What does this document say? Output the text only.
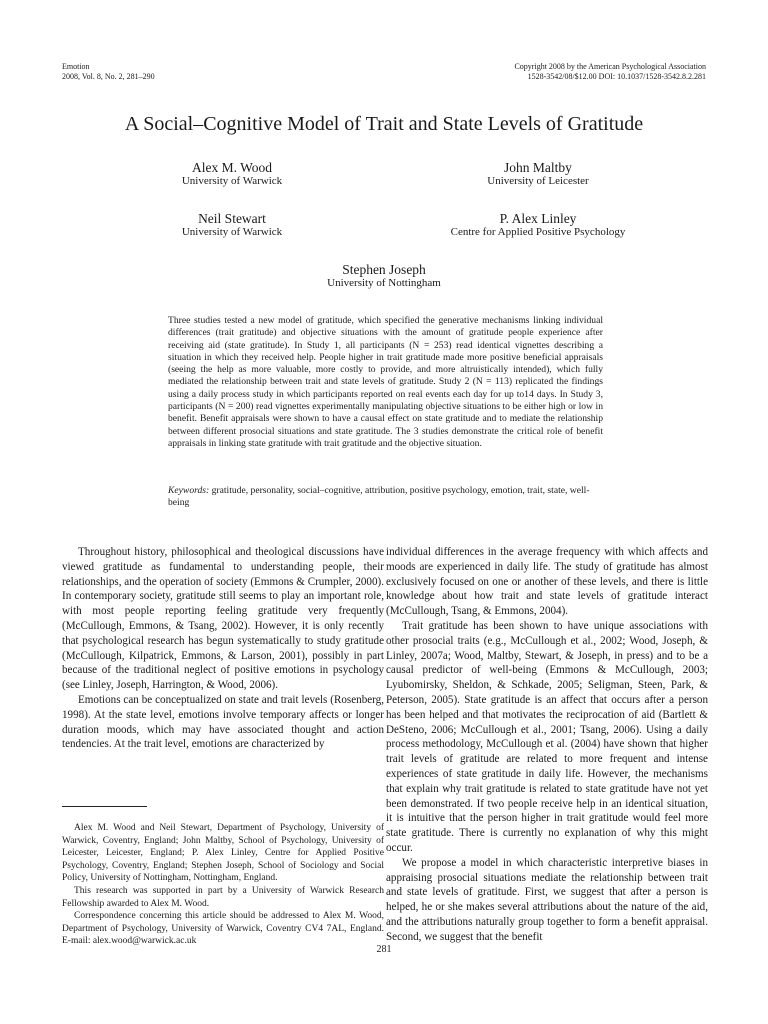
Emotion
2008, Vol. 8, No. 2, 281–290
Copyright 2008 by the American Psychological Association
1528-3542/08/$12.00 DOI: 10.1037/1528-3542.8.2.281
A Social–Cognitive Model of Trait and State Levels of Gratitude
Alex M. Wood
University of Warwick
John Maltby
University of Leicester
Neil Stewart
University of Warwick
P. Alex Linley
Centre for Applied Positive Psychology
Stephen Joseph
University of Nottingham
Three studies tested a new model of gratitude, which specified the generative mechanisms linking individual differences (trait gratitude) and objective situations with the amount of gratitude people experience after receiving aid (state gratitude). In Study 1, all participants (N = 253) read identical vignettes describing a situation in which they received help. People higher in trait gratitude made more positive beneficial appraisals (seeing the help as more valuable, more costly to provide, and more altruistically intended), which fully mediated the relationship between trait and state levels of gratitude. Study 2 (N = 113) replicated the findings using a daily process study in which participants reported on real events each day for up to14 days. In Study 3, participants (N = 200) read vignettes experimentally manipulating objective situations to be either high or low in benefit. Benefit appraisals were shown to have a causal effect on state gratitude and to mediate the relationship between different prosocial situations and state gratitude. The 3 studies demonstrate the critical role of benefit appraisals in linking state gratitude with trait gratitude and the objective situation.
Keywords: gratitude, personality, social–cognitive, attribution, positive psychology, emotion, trait, state, well-being

Throughout history, philosophical and theological discussions have viewed gratitude as fundamental to understanding people, their relationships, and the operation of society (Emmons & Crumpler, 2000). In contemporary society, gratitude still seems to play an important role, with most people reporting feeling gratitude very frequently (McCullough, Emmons, & Tsang, 2002). However, it is only recently that psychological research has begun systematically to study gratitude (McCullough, Kilpatrick, Emmons, & Larson, 2001), possibly in part because of the traditional neglect of positive emotions in psychology (see Linley, Joseph, Harrington, & Wood, 2006).

Emotions can be conceptualized on state and trait levels (Rosenberg, 1998). At the state level, emotions involve temporary affects or longer duration moods, which may have associated thought and action tendencies. At the trait level, emotions are characterized by

individual differences in the average frequency with which affects and moods are experienced in daily life. The study of gratitude has almost exclusively focused on one or another of these levels, and there is little knowledge about how trait and state levels of gratitude interact (McCullough, Tsang, & Emmons, 2004).

Trait gratitude has been shown to have unique associations with other prosocial traits (e.g., McCullough et al., 2002; Wood, Joseph, & Linley, 2007a; Wood, Maltby, Stewart, & Joseph, in press) and to be a causal predictor of well-being (Emmons & McCullough, 2003; Lyubomirsky, Sheldon, & Schkade, 2005; Seligman, Steen, Park, & Peterson, 2005). State gratitude is an affect that occurs after a person has been helped and that motivates the reciprocation of aid (Bartlett & DeSteno, 2006; McCullough et al., 2001; Tsang, 2006). Using a daily process methodology, McCullough et al. (2004) have shown that higher trait levels of gratitude are related to more frequent and intense experiences of state gratitude in daily life. However, the mechanisms that explain why trait gratitude is related to state gratitude have not yet been demonstrated. If two people receive help in an identical situation, it is intuitive that the person higher in trait gratitude would feel more state gratitude. There is currently no explanation of why this might occur.

We propose a model in which characteristic interpretive biases in appraising prosocial situations mediate the relationship between trait and state levels of gratitude. First, we suggest that after a person is helped, he or she makes several attributions about the nature of the aid, and the attributions naturally group together to form a benefit appraisal. Second, we suggest that the benefit

Alex M. Wood and Neil Stewart, Department of Psychology, University of Warwick, Coventry, England; John Maltby, School of Psychology, University of Leicester, Leicester, England; P. Alex Linley, Centre for Applied Positive Psychology, Coventry, England; Stephen Joseph, School of Sociology and Social Policy, University of Nottingham, Nottingham, England.

This research was supported in part by a University of Warwick Research Fellowship awarded to Alex M. Wood.

Correspondence concerning this article should be addressed to Alex M. Wood, Department of Psychology, University of Warwick, Coventry CV4 7AL, England. E-mail: alex.wood@warwick.ac.uk

281
